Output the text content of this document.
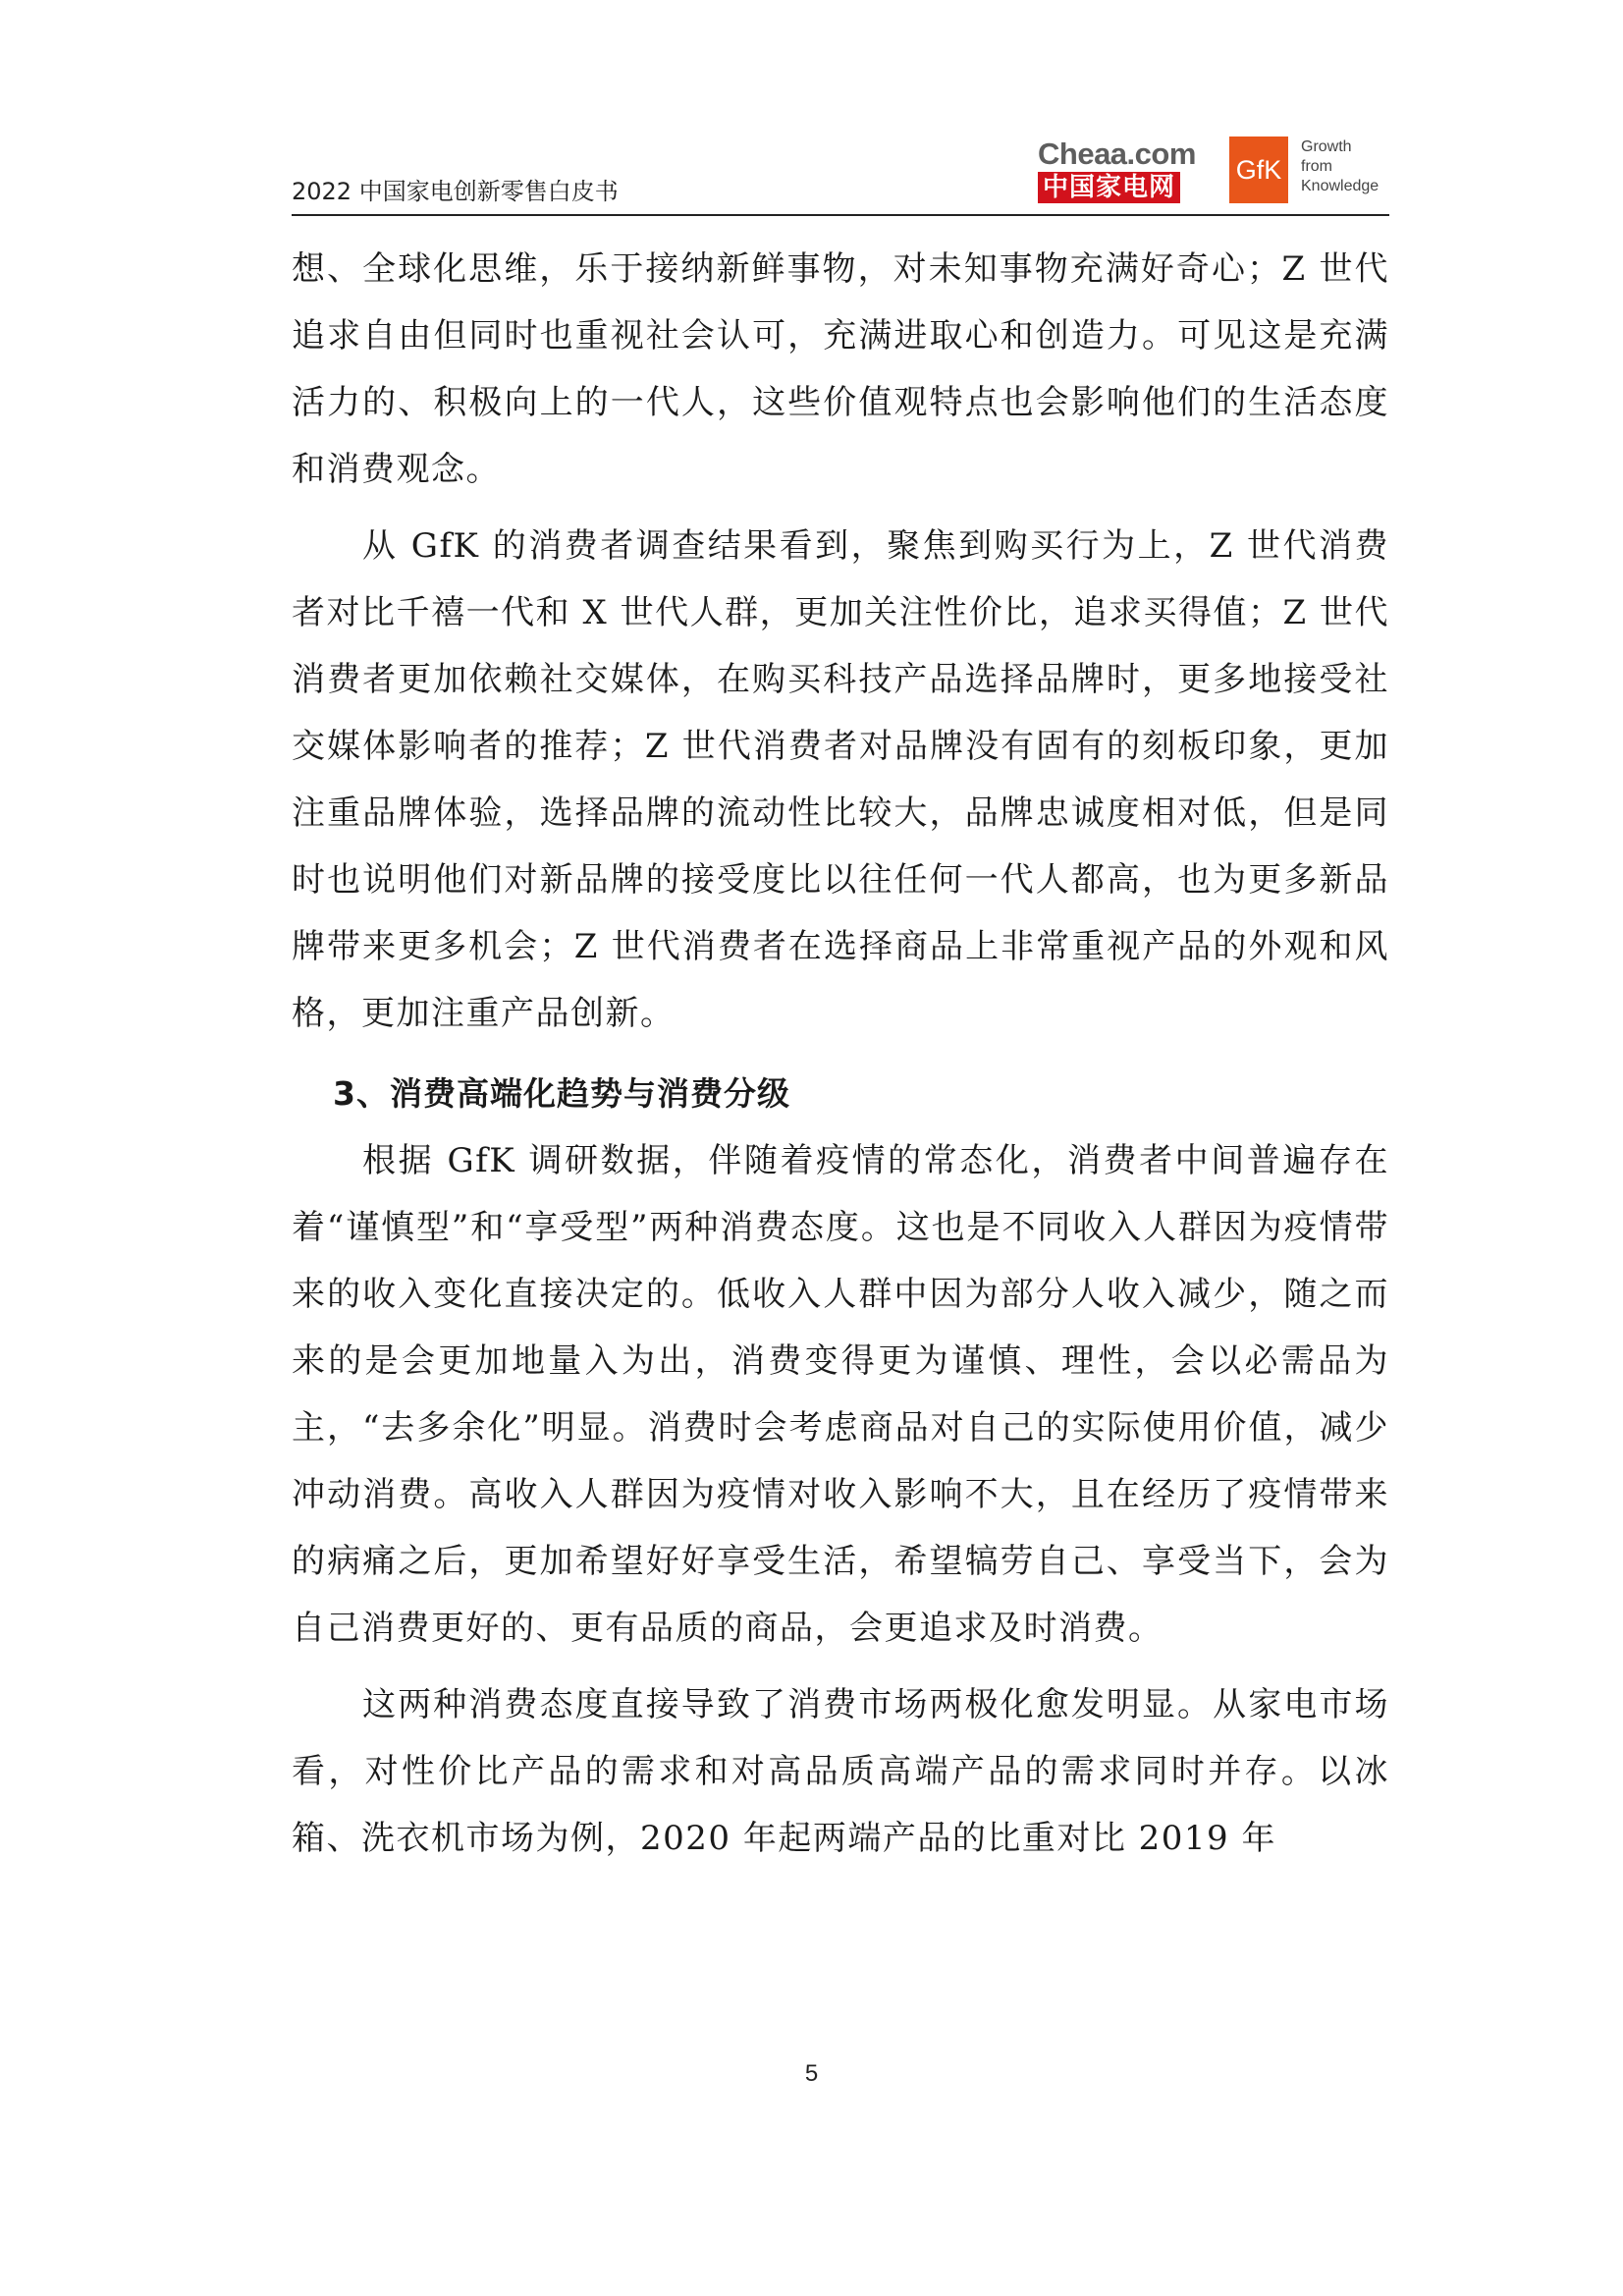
2022 中国家电创新零售白皮书
Cheaa.com
中国家电网
GfK
Growth
from
Knowledge

想、全球化思维，乐于接纳新鲜事物，对未知事物充满好奇心；Z 世代追求自由但同时也重视社会认可，充满进取心和创造力。可见这是充满活力的、积极向上的一代人，这些价值观特点也会影响他们的生活态度和消费观念。

从 GfK 的消费者调查结果看到，聚焦到购买行为上，Z 世代消费者对比千禧一代和 X 世代人群，更加关注性价比，追求买得值；Z 世代消费者更加依赖社交媒体，在购买科技产品选择品牌时，更多地接受社交媒体影响者的推荐；Z 世代消费者对品牌没有固有的刻板印象，更加注重品牌体验，选择品牌的流动性比较大，品牌忠诚度相对低，但是同时也说明他们对新品牌的接受度比以往任何一代人都高，也为更多新品牌带来更多机会；Z 世代消费者在选择商品上非常重视产品的外观和风格，更加注重产品创新。

3、消费高端化趋势与消费分级

根据 GfK 调研数据，伴随着疫情的常态化，消费者中间普遍存在着“谨慎型”和“享受型”两种消费态度。这也是不同收入人群因为疫情带来的收入变化直接决定的。低收入人群中因为部分人收入减少，随之而来的是会更加地量入为出，消费变得更为谨慎、理性，会以必需品为主，“去多余化”明显。消费时会考虑商品对自己的实际使用价值，减少冲动消费。高收入人群因为疫情对收入影响不大，且在经历了疫情带来的病痛之后，更加希望好好享受生活，希望犒劳自己、享受当下，会为自己消费更好的、更有品质的商品，会更追求及时消费。

这两种消费态度直接导致了消费市场两极化愈发明显。从家电市场看，对性价比产品的需求和对高品质高端产品的需求同时并存。以冰箱、洗衣机市场为例，2020 年起两端产品的比重对比 2019 年

5
